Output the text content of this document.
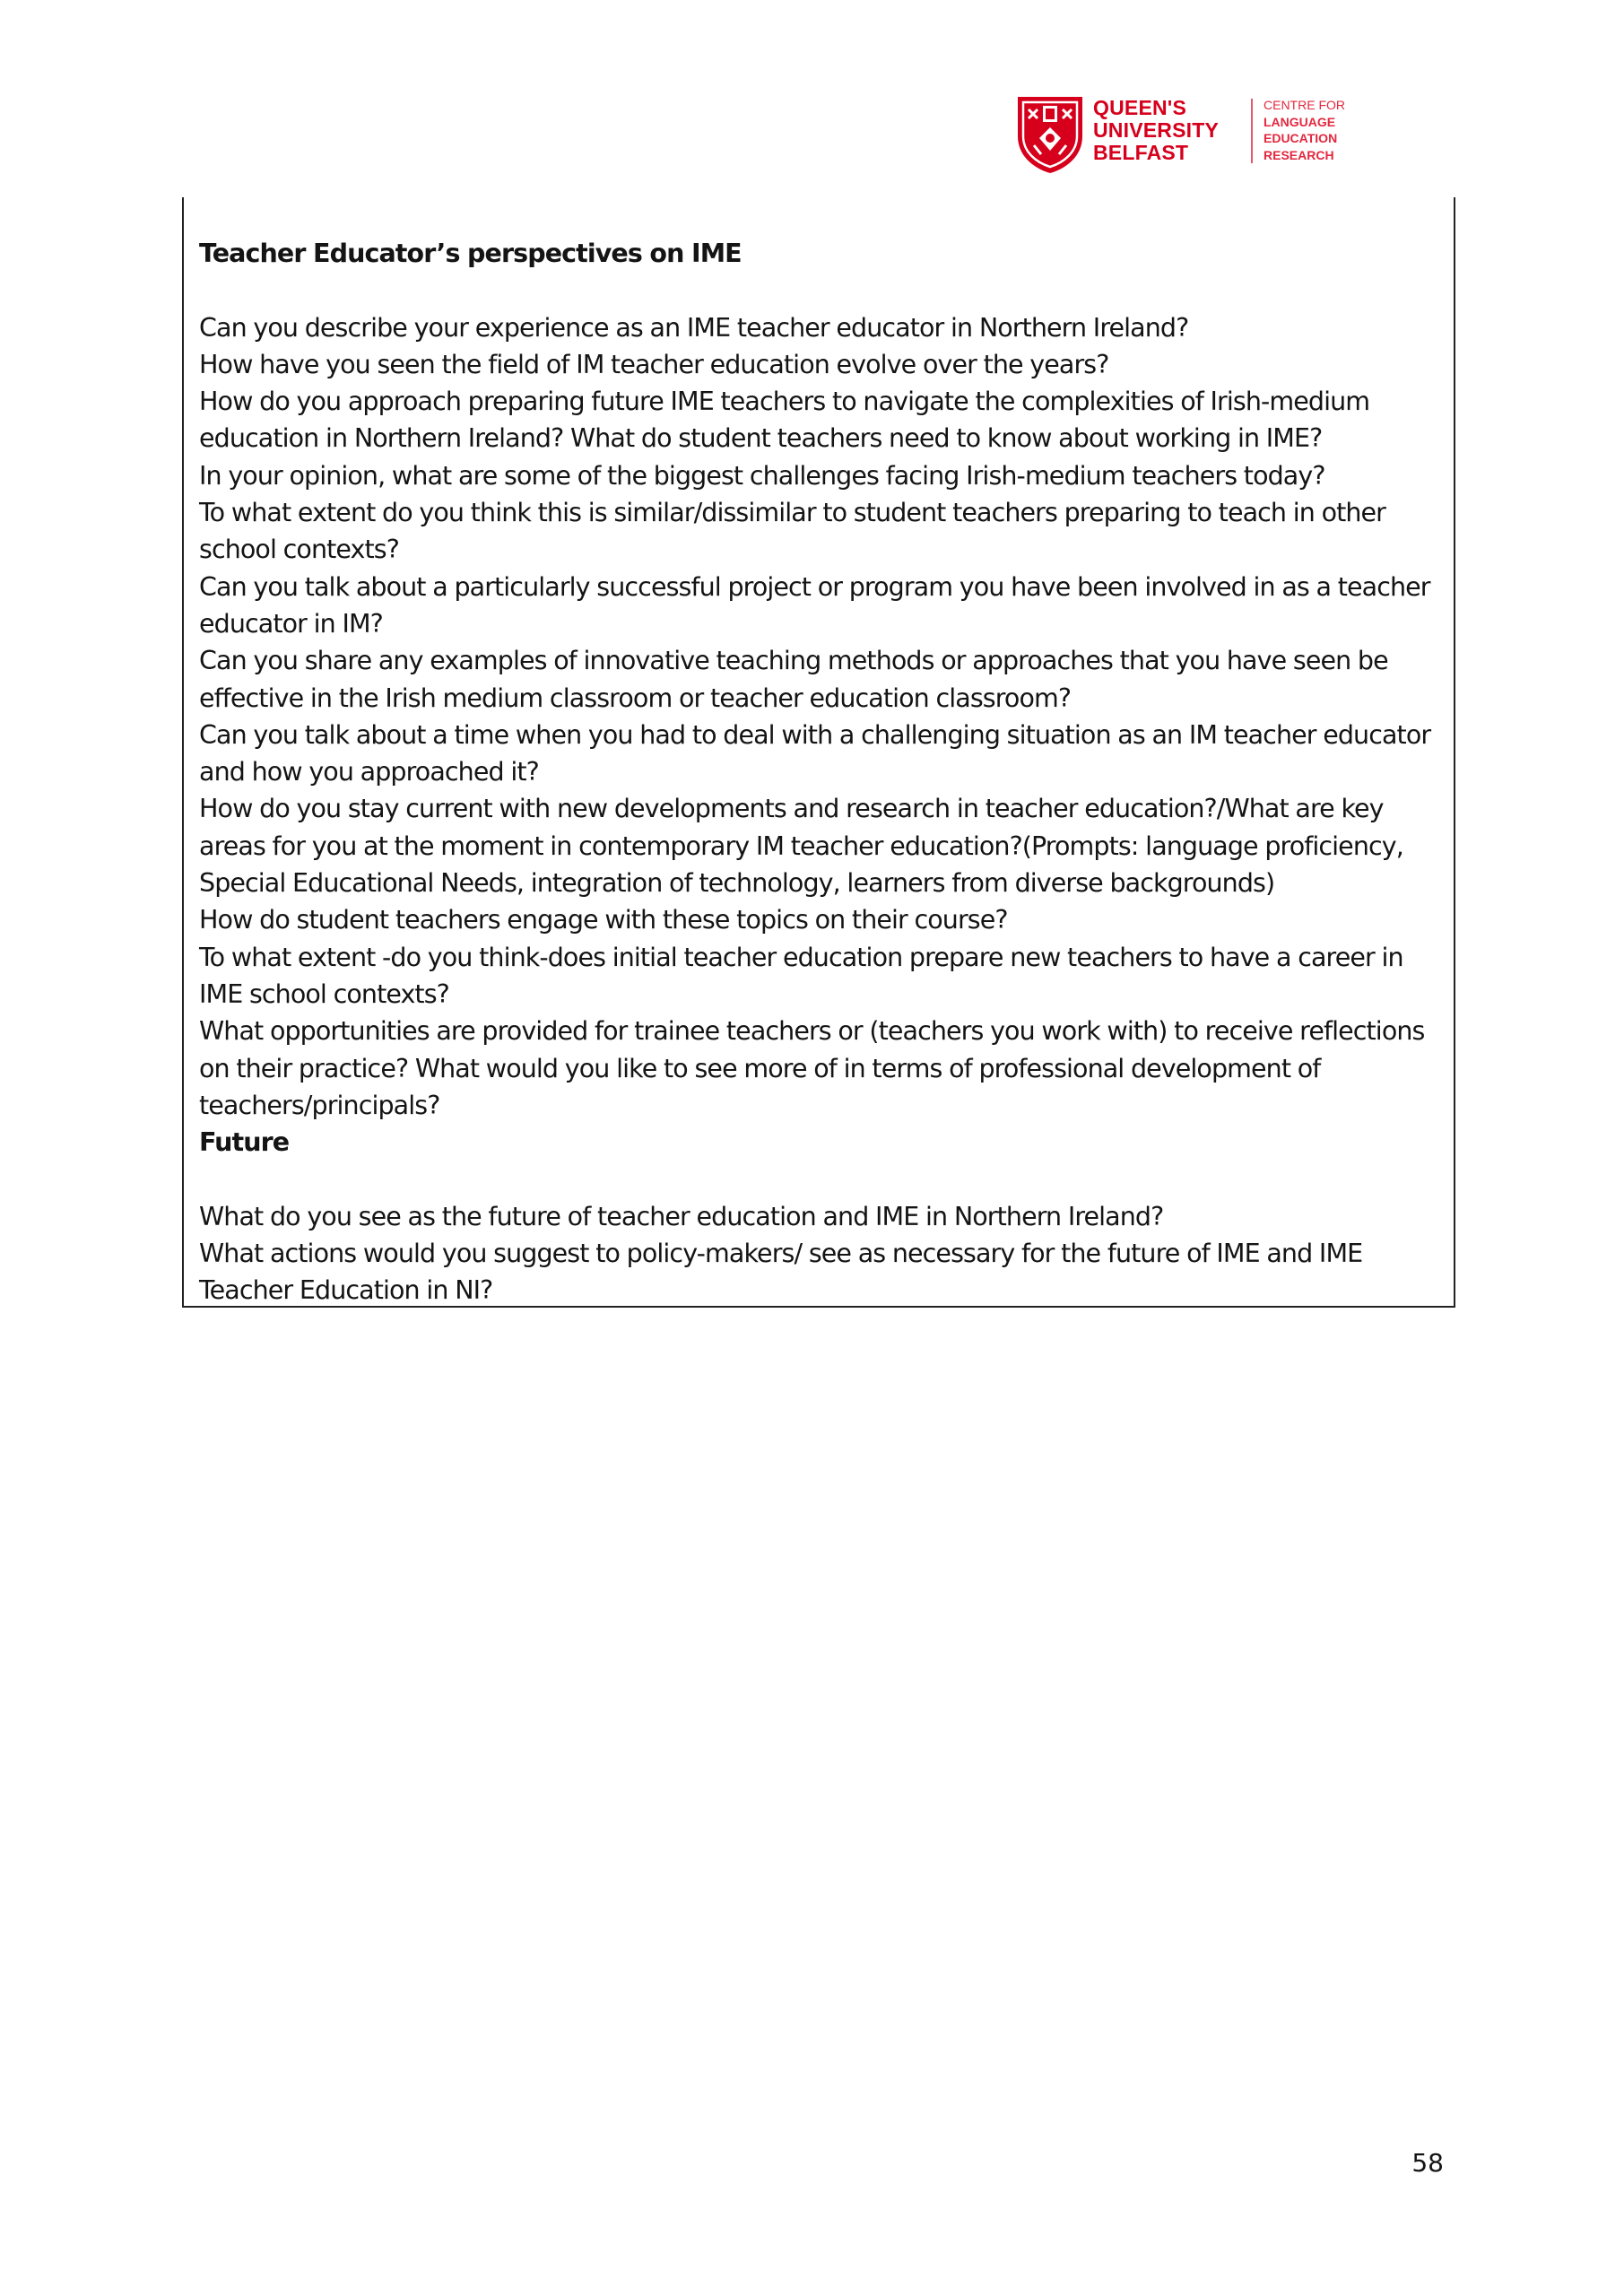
QUEEN'S
UNIVERSITY
BELFAST
CENTRE FOR
LANGUAGE
EDUCATION
RESEARCH

Teacher Educator’s perspectives on IME

Can you describe your experience as an IME teacher educator in Northern Ireland?

How have you seen the field of IM teacher education evolve over the years?

How do you approach preparing future IME teachers to navigate the complexities of Irish-medium education in Northern Ireland? What do student teachers need to know about working in IME?

In your opinion, what are some of the biggest challenges facing Irish-medium teachers today?

To what extent do you think this is similar/dissimilar to student teachers preparing to teach in other school contexts?

Can you talk about a particularly successful project or program you have been involved in as a teacher educator in IM?

Can you share any examples of innovative teaching methods or approaches that you have seen be effective in the Irish medium classroom or teacher education classroom?

Can you talk about a time when you had to deal with a challenging situation as an IM teacher educator and how you approached it?

How do you stay current with new developments and research in teacher education?/What are key areas for you at the moment in contemporary IM teacher education?(Prompts: language proficiency, Special Educational Needs, integration of technology, learners from diverse backgrounds)

How do student teachers engage with these topics on their course?

To what extent -do you think-does initial teacher education prepare new teachers to have a career in IME school contexts?

What opportunities are provided for trainee teachers or (teachers you work with) to receive reflections on their practice? What would you like to see more of in terms of professional development of teachers/principals?

Future

What do you see as the future of teacher education and IME in Northern Ireland?

What actions would you suggest to policy-makers/ see as necessary for the future of IME and IME Teacher Education in NI?

58
